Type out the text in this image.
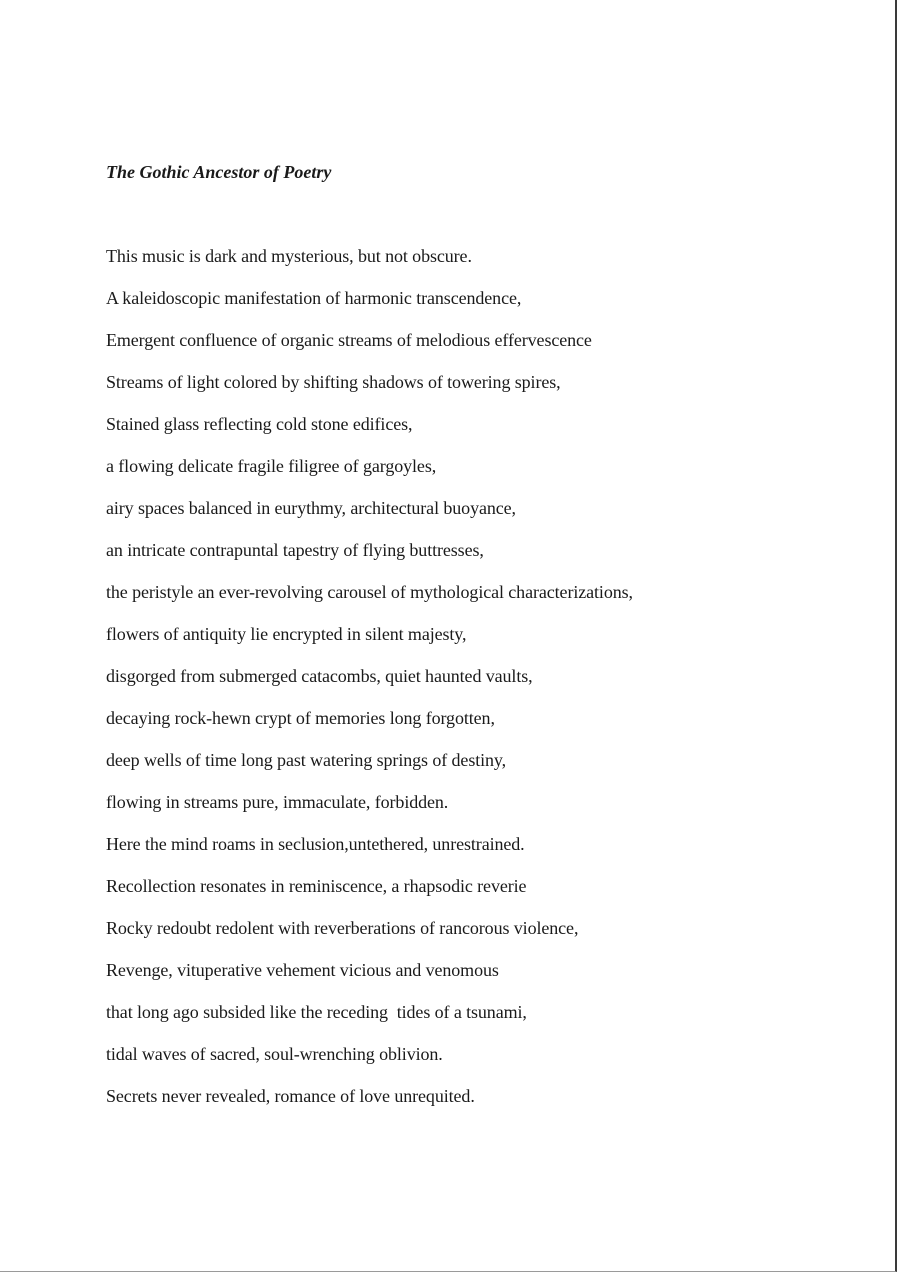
The Gothic Ancestor of Poetry
This music is dark and mysterious, but not obscure.
A kaleidoscopic manifestation of harmonic transcendence,
Emergent confluence of organic streams of melodious effervescence
Streams of light colored by shifting shadows of towering spires,
Stained glass reflecting cold stone edifices,
a flowing delicate fragile filigree of gargoyles,
airy spaces balanced in eurythmy, architectural buoyance,
an intricate contrapuntal tapestry of flying buttresses,
the peristyle an ever-revolving carousel of mythological characterizations,
flowers of antiquity lie encrypted in silent majesty,
disgorged from submerged catacombs, quiet haunted vaults,
decaying rock-hewn crypt of memories long forgotten,
deep wells of time long past watering springs of destiny,
flowing in streams pure, immaculate, forbidden.
Here the mind roams in seclusion,untethered, unrestrained.
Recollection resonates in reminiscence, a rhapsodic reverie
Rocky redoubt redolent with reverberations of rancorous violence,
Revenge, vituperative vehement vicious and venomous
that long ago subsided like the receding  tides of a tsunami,
tidal waves of sacred, soul-wrenching oblivion.
Secrets never revealed, romance of love unrequited.
